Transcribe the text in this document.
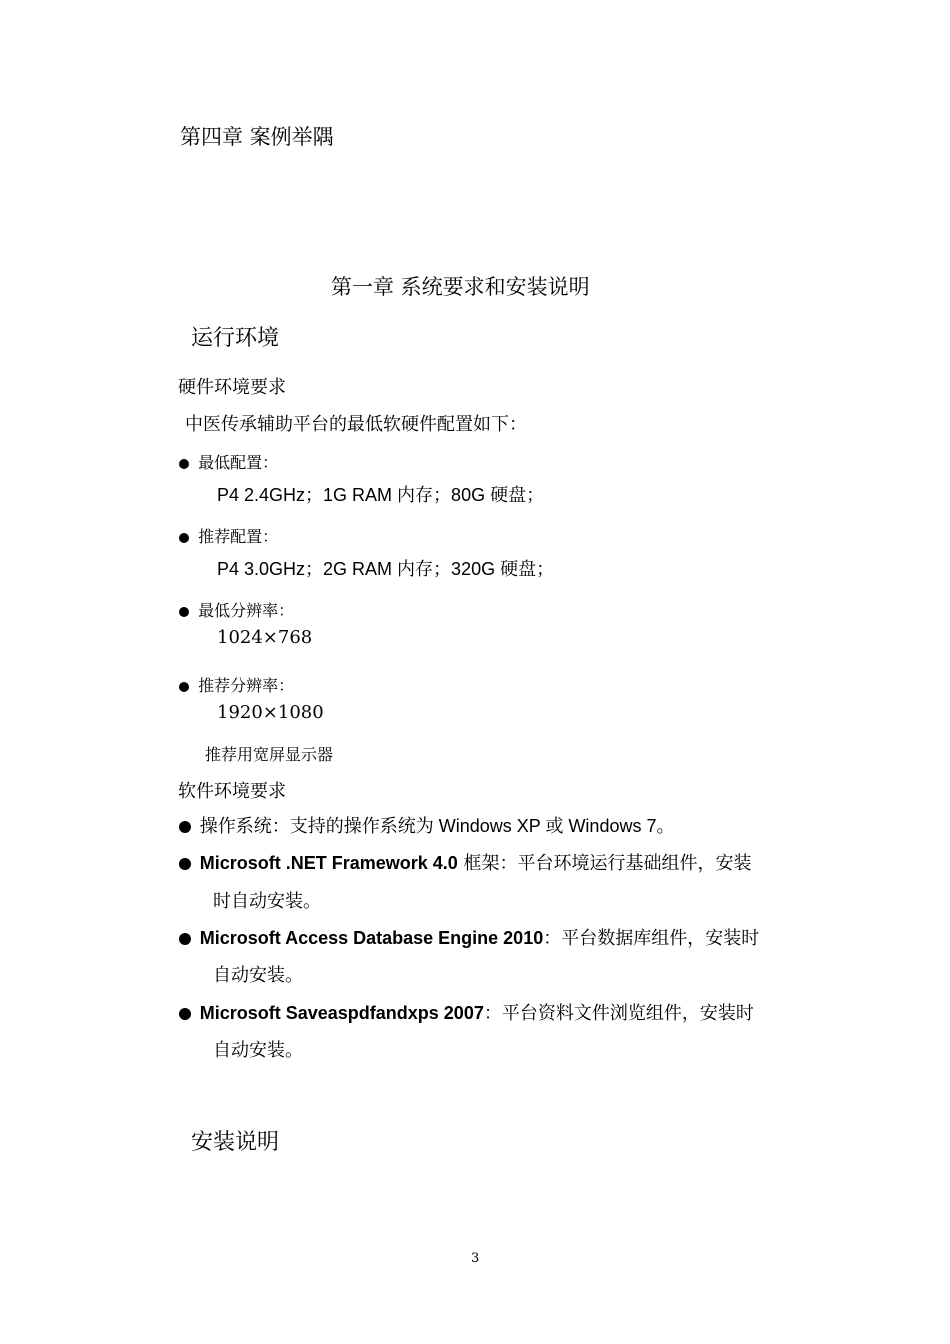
第四章 案例举隅
第一章 系统要求和安装说明
运行环境
硬件环境要求
中医传承辅助平台的最低软硬件配置如下：
最低配置：
P4 2.4GHz；1G RAM 内存；80G 硬盘；
推荐配置：
P4 3.0GHz；2G RAM 内存；320G 硬盘；
最低分辨率：
1024×768
推荐分辨率：
1920×1080
推荐用宽屏显示器
软件环境要求
操作系统：支持的操作系统为 Windows XP 或 Windows 7。
Microsoft .NET Framework 4.0 框架：平台环境运行基础组件，安装
时自动安装。
Microsoft Access Database Engine 2010：平台数据库组件，安装时
自动安装。
Microsoft Saveaspdfandxps 2007：平台资料文件浏览组件，安装时
自动安装。
安装说明
3
